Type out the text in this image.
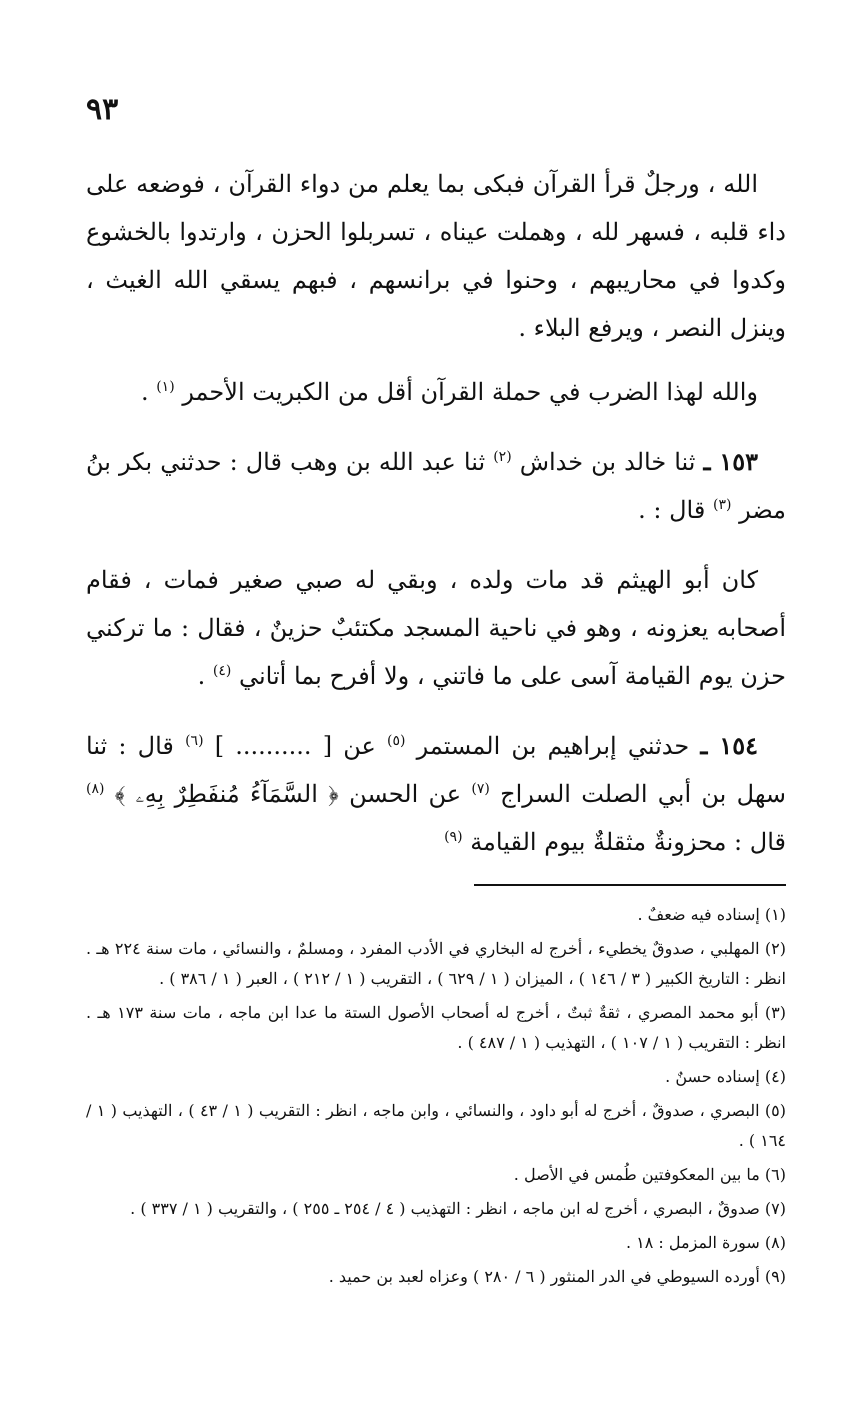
٩٣

الله ، ورجلٌ قرأ القرآن فبكى بما يعلم من دواء القرآن ، فوضعه على داء قلبه ، فسهر لله ، وهملت عيناه ، تسربلوا الحزن ، وارتدوا بالخشوع وكدوا في محاريبهم ، وحنوا في برانسهم ، فبهم يسقي الله الغيث ، وينزل النصر ، ويرفع البلاء .

والله لهذا الضرب في حملة القرآن أقل من الكبريت الأحمر $^{(١)}$ .

١٥٣ ـ ثنا خالد بن خداش $^{(٢)}$ ثنا عبد الله بن وهب قال : حدثني بكر بنُ مضر $^{(٣)}$ قال : .

كان أبو الهيثم قد مات ولده ، وبقي له صبي صغير فمات ، فقام أصحابه يعزونه ، وهو في ناحية المسجد مكتئبٌ حزينٌ ، فقال : ما تركني حزن يوم القيامة آسى على ما فاتني ، ولا أفرح بما أتاني $^{(٤)}$ .

١٥٤ ـ حدثني إبراهيم بن المستمر $^{(٥)}$ عن [ .......... ] $^{(٦)}$ قال : ثنا سهل بن أبي الصلت السراج $^{(٧)}$ عن الحسن ﴿ السَّمَآءُ مُنفَطِرٌ بِهِۦ ﴾ $^{(٨)}$ قال : محزونةٌ مثقلةٌ بيوم القيامة $^{(٩)}$

(١) إسناده فيه ضعفٌ .

(٢) المهلبي ، صدوقٌ يخطيء ، أخرج له البخاري في الأدب المفرد ، ومسلمٌ ، والنسائي ، مات سنة ٢٢٤ هـ . انظر : التاريخ الكبير ( ٣ / ١٤٦ ) ، الميزان ( ١ / ٦٢٩ ) ، التقريب ( ١ / ٢١٢ ) ، العبر ( ١ / ٣٨٦ ) .

(٣) أبو محمد المصري ، ثقةٌ ثبتٌ ، أخرج له أصحاب الأصول الستة ما عدا ابن ماجه ، مات سنة ١٧٣ هـ . انظر : التقريب ( ١ / ١٠٧ ) ، التهذيب ( ١ / ٤٨٧ ) .

(٤) إسناده حسنٌ .

(٥) البصري ، صدوقٌ ، أخرج له أبو داود ، والنسائي ، وابن ماجه ، انظر : التقريب ( ١ / ٤٣ ) ، التهذيب ( ١ / ١٦٤ ) .

(٦) ما بين المعكوفتين طُمس في الأصل .

(٧) صدوقٌ ، البصري ، أخرج له ابن ماجه ، انظر : التهذيب ( ٤ / ٢٥٤ ـ ٢٥٥ ) ، والتقريب ( ١ / ٣٣٧ ) .

(٨) سورة المزمل : ١٨ .

(٩) أورده السيوطي في الدر المنثور ( ٦ / ٢٨٠ ) وعزاه لعبد بن حميد .
